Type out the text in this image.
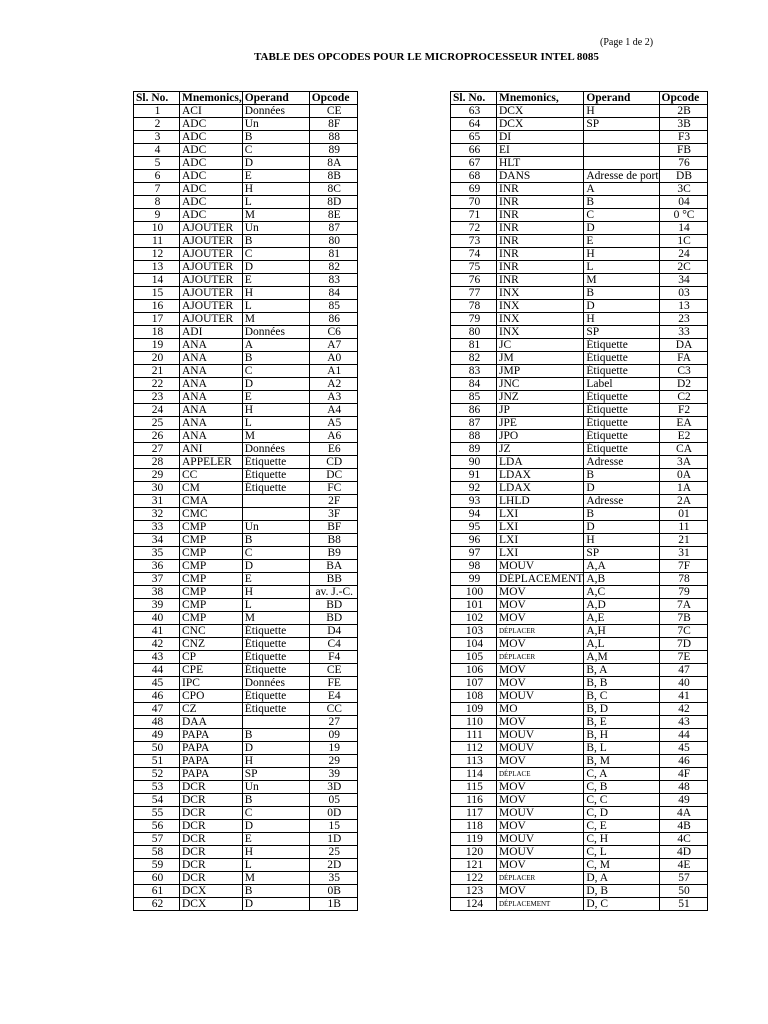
(Page 1 de 2)
TABLE DES OPCODES POUR LE MICROPROCESSEUR INTEL 8085
Sl. No.	Mnemonics,	Operand	Opcode
1	ACI	Données	CE
2	ADC	Un	8F
3	ADC	B	88
4	ADC	C	89
5	ADC	D	8A
6	ADC	E	8B
7	ADC	H	8C
8	ADC	L	8D
9	ADC	M	8E
10	AJOUTER	Un	87
11	AJOUTER	B	80
12	AJOUTER	C	81
13	AJOUTER	D	82
14	AJOUTER	E	83
15	AJOUTER	H	84
16	AJOUTER	L	85
17	AJOUTER	M	86
18	ADI	Données	C6
19	ANA	A	A7
20	ANA	B	A0
21	ANA	C	A1
22	ANA	D	A2
23	ANA	E	A3
24	ANA	H	A4
25	ANA	L	A5
26	ANA	M	A6
27	ANI	Données	E6
28	APPELER	Étiquette	CD
29	CC	Étiquette	DC
30	CM	Étiquette	FC
31	CMA		2F
32	CMC		3F
33	CMP	Un	BF
34	CMP	B	B8
35	CMP	C	B9
36	CMP	D	BA
37	CMP	E	BB
38	CMP	H	av. J.-C.
39	CMP	L	BD
40	CMP	M	BD
41	CNC	Étiquette	D4
42	CNZ	Étiquette	C4
43	CP	Étiquette	F4
44	CPE	Étiquette	CE
45	IPC	Données	FE
46	CPO	Étiquette	E4
47	CZ	Étiquette	CC
48	DAA		27
49	PAPA	B	09
50	PAPA	D	19
51	PAPA	H	29
52	PAPA	SP	39
53	DCR	Un	3D
54	DCR	B	05
55	DCR	C	0D
56	DCR	D	15
57	DCR	E	1D
58	DCR	H	25
59	DCR	L	2D
60	DCR	M	35
61	DCX	B	0B
62	DCX	D	1B
Sl. No.	Mnemonics,	Operand	Opcode
63	DCX	H	2B
64	DCX	SP	3B
65	DI		F3
66	EI		FB
67	HLT		76
68	DANS	Adresse de port	DB
69	INR	A	3C
70	INR	B	04
71	INR	C	0 °C
72	INR	D	14
73	INR	E	1C
74	INR	H	24
75	INR	L	2C
76	INR	M	34
77	INX	B	03
78	INX	D	13
79	INX	H	23
80	INX	SP	33
81	JC	Étiquette	DA
82	JM	Étiquette	FA
83	JMP	Étiquette	C3
84	JNC	Label	D2
85	JNZ	Étiquette	C2
86	JP	Étiquette	F2
87	JPE	Étiquette	EA
88	JPO	Étiquette	E2
89	JZ	Étiquette	CA
90	LDA	Adresse	3A
91	LDAX	B	0A
92	LDAX	D	1A
93	LHLD	Adresse	2A
94	LXI	B	01
95	LXI	D	11
96	LXI	H	21
97	LXI	SP	31
98	MOUV	A,A	7F
99	DÉPLACEMENT	A,B	78
100	MOV	A,C	79
101	MOV	A,D	7A
102	MOV	A,E	7B
103	DÉPLACER	A,H	7C
104	MOV	A,L	7D
105	DÉPLACER	A,M	7E
106	MOV	B, A	47
107	MOV	B, B	40
108	MOUV	B, C	41
109	MO	B, D	42
110	MOV	B, E	43
111	MOUV	B, H	44
112	MOUV	B, L	45
113	MOV	B, M	46
114	DÉPLACE	C, A	4F
115	MOV	C, B	48
116	MOV	C, C	49
117	MOUV	C, D	4A
118	MOV	C, E	4B
119	MOUV	C, H	4C
120	MOUV	C, L	4D
121	MOV	C, M	4E
122	DÉPLACER	D, A	57
123	MOV	D, B	50
124	DÉPLACEMENT	D, C	51
